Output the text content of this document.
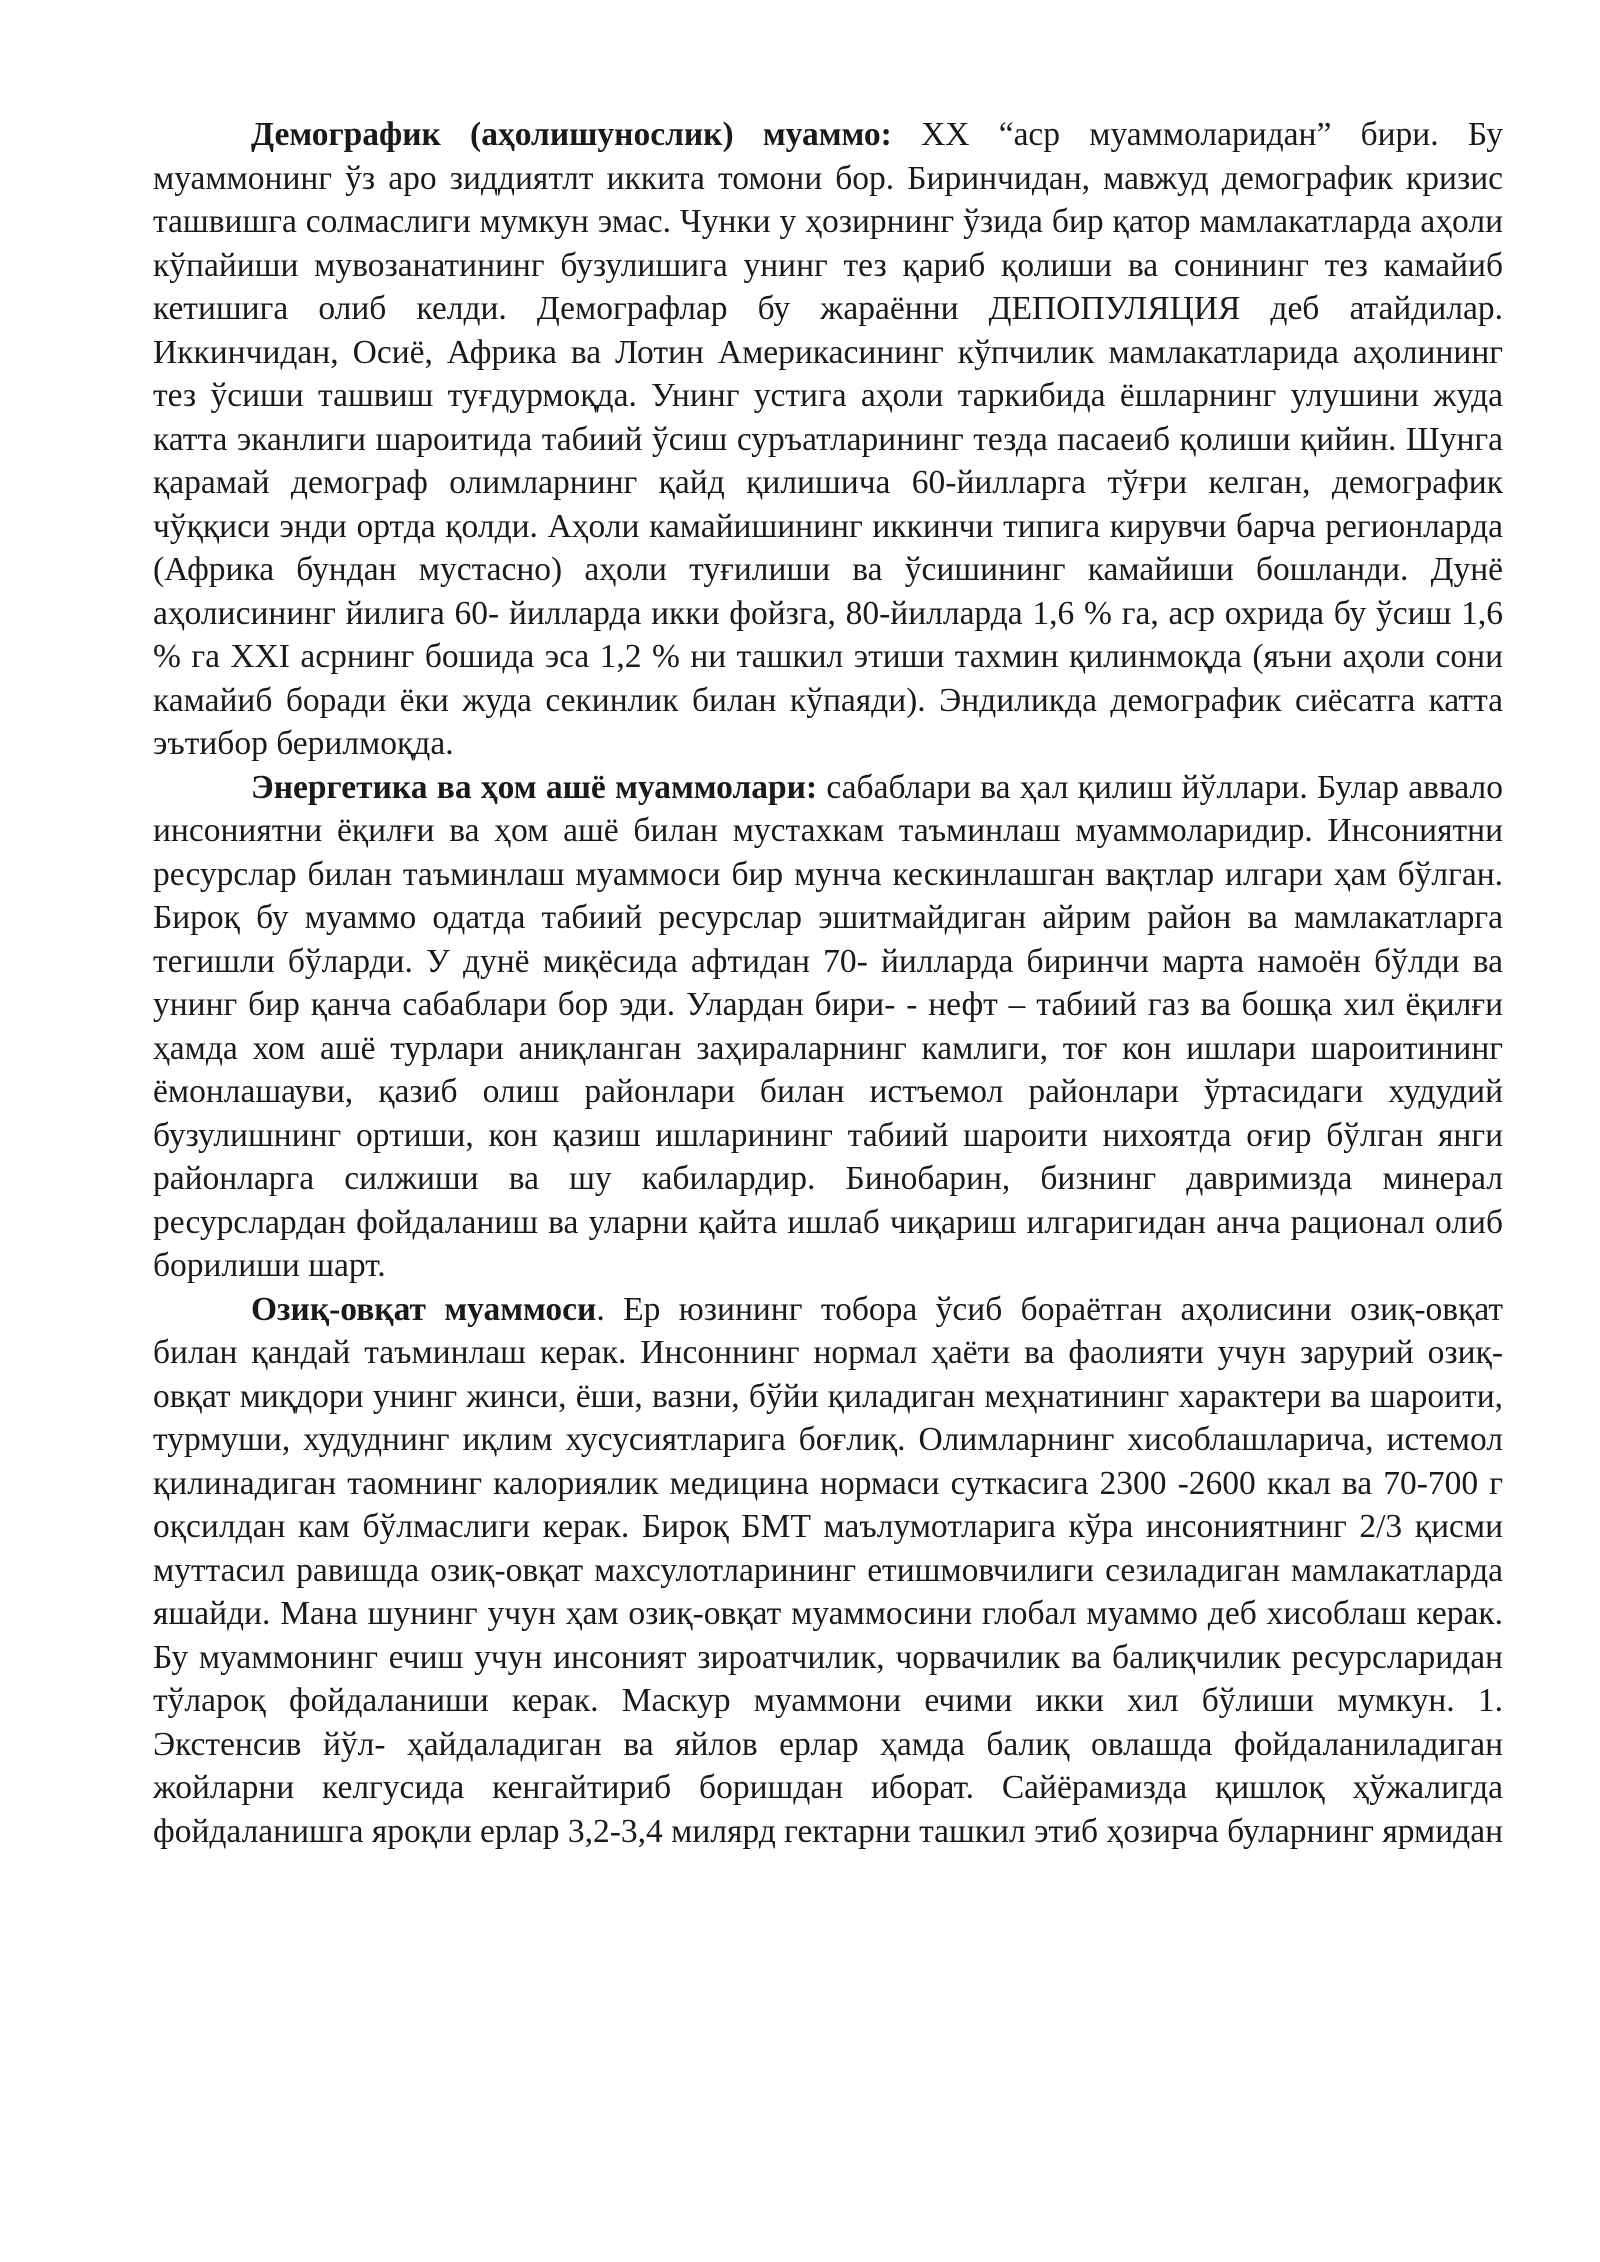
Демографик (аҳолишунослик) муаммо: ХХ “аср муаммоларидан” бири. Бу муаммонинг ўз аро зиддиятлт иккита томони бор. Биринчидан, мавжуд демографик кризис ташвишга солмаслиги мумкун эмас. Чунки у ҳозирнинг ўзида бир қатор мамлакатларда аҳоли кўпайиши мувозанатининг бузулишига унинг тез қариб қолиши ва сонининг тез камайиб кетишига олиб келди. Демографлар бу жараённи ДЕПОПУЛЯЦИЯ деб атайдилар. Иккинчидан, Осиё, Африка ва Лотин Америкасининг кўпчилик мамлакатларида аҳолининг тез ўсиши ташвиш туғдурмоқда. Унинг устига аҳоли таркибида ёшларнинг улушини жуда катта эканлиги шароитида табиий ўсиш суръатларининг тезда пасаеиб қолиши қийин. Шунга қарамай демограф олимларнинг қайд қилишича 60-йилларга тўғри келган, демографик чўққиси энди ортда қолди. Аҳоли камайишининг иккинчи типига кирувчи барча регионларда (Африка бундан мустасно) аҳоли туғилиши ва ўсишининг камайиши бошланди. Дунё аҳолисининг йилига 60- йилларда икки фойзга, 80-йилларда 1,6 % га, аср охрида бу ўсиш 1,6 % га XXI асрнинг бошида эса 1,2 % ни ташкил этиши тахмин қилинмоқда (яъни аҳоли сони камайиб боради ёки жуда секинлик билан кўпаяди). Эндиликда демографик сиёсатга катта эътибор берилмоқда.

Энергетика ва ҳом ашё муаммолари: сабаблари ва ҳал қилиш йўллари. Булар аввало инсониятни ёқилғи ва ҳом ашё билан мустахкам таъминлаш муаммоларидир. Инсониятни ресурслар билан таъминлаш муаммоси бир мунча кескинлашган вақтлар илгари ҳам бўлган. Бироқ бу муаммо одатда табиий ресурслар эшитмайдиган айрим район ва мамлакатларга тегишли бўларди. У дунё миқёсида афтидан 70- йилларда биринчи марта намоён бўлди ва унинг бир қанча сабаблари бор эди. Улардан бири- - нефт – табиий газ ва бошқа хил ёқилғи ҳамда хом ашё турлари аниқланган заҳираларнинг камлиги, тоғ кон ишлари шароитининг ёмонлашауви, қазиб олиш районлари билан истъемол районлари ўртасидаги худудий бузулишнинг ортиши, кон қазиш ишларининг табиий шароити нихоятда оғир бўлган янги районларга силжиши ва шу кабилардир. Бинобарин, бизнинг давримизда минерал ресурслардан фойдаланиш ва уларни қайта ишлаб чиқариш илгаригидан анча рационал олиб борилиши шарт.

Озиқ-овқат муаммоси. Ер юзининг тобора ўсиб бораётган аҳолисини озиқ-овқат билан қандай таъминлаш керак. Инсоннинг нормал ҳаёти ва фаолияти учун зарурий озиқ-овқат миқдори унинг жинси, ёши, вазни, бўйи қиладиган меҳнатининг характери ва шароити, турмуши, худуднинг иқлим хусусиятларига боғлиқ. Олимларнинг хисоблашларича, истемол қилинадиган таомнинг калориялик медицина нормаси суткасига 2300 -2600 ккал ва 70-700 г оқсилдан кам бўлмаслиги керак. Бироқ БМТ маълумотларига кўра инсониятнинг 2/3 қисми муттасил равишда озиқ-овқат махсулотларининг етишмовчилиги сезиладиган мамлакатларда яшайди. Мана шунинг учун ҳам озиқ-овқат муаммосини глобал муаммо деб хисоблаш керак. Бу муаммонинг ечиш учун инсоният зироатчилик, чорвачилик ва балиқчилик ресурсларидан тўлароқ фойдаланиши керак. Маскур муаммони ечими икки хил бўлиши мумкун. 1. Экстенсив йўл- ҳайдаладиган ва яйлов ерлар ҳамда балиқ овлашда фойдаланиладиган жойларни келгусида кенгайтириб боришдан иборат. Сайёрамизда қишлоқ ҳўжалигда фойдаланишга яроқли ерлар 3,2-3,4 милярд гектарни ташкил этиб ҳозирча буларнинг ярмидан
